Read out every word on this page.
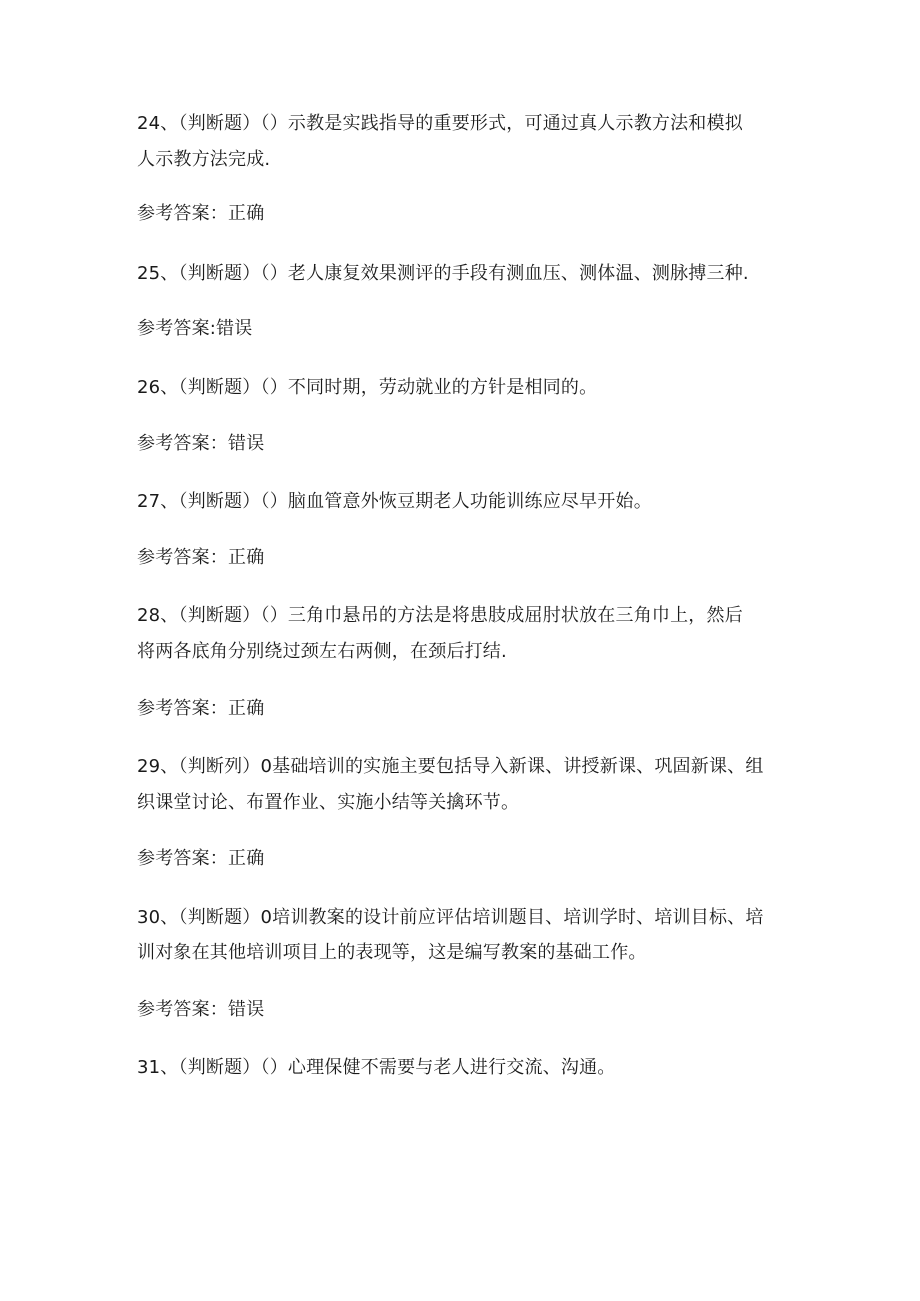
24、（判断题）（）示教是实践指导的重要形式，可通过真人示教方法和模拟
人示教方法完成.
参考答案：正确
25、（判断题）（）老人康复效果测评的手段有测血压、测体温、测脉搏三种.
参考答案:错误
26、（判断题）（）不同时期，劳动就业的方针是相同的。
参考答案：错误
27、（判断题）（）脑血管意外恢豆期老人功能训练应尽早开始。
参考答案：正确
28、（判断题）（）三角巾悬吊的方法是将患肢成屈肘状放在三角巾上，然后
将两各底角分别绕过颈左右两侧，在颈后打结.
参考答案：正确
29、（判断列）0基础培训的实施主要包括导入新课、讲授新课、巩固新课、组
织课堂讨论、布置作业、实施小结等关擒环节。
参考答案：正确
30、（判断题）0培训教案的设计前应评估培训题目、培训学时、培训目标、培
训对象在其他培训项目上的表现等，这是编写教案的基础工作。
参考答案：错误
31、（判断题）（）心理保健不需要与老人进行交流、沟通。
